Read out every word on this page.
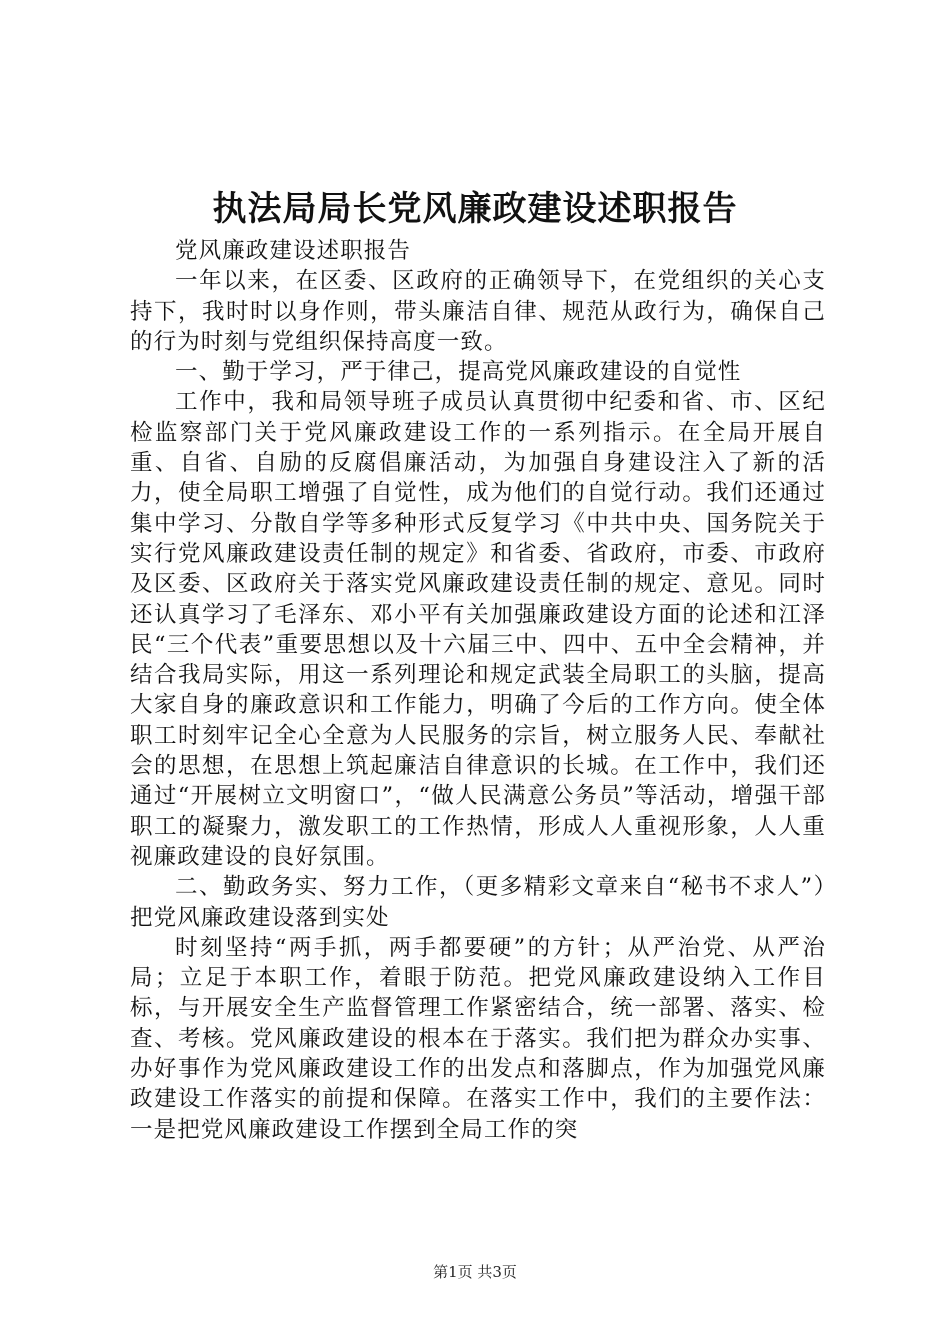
执法局局长党风廉政建设述职报告

党风廉政建设述职报告

一年以来，在区委、区政府的正确领导下，在党组织的关心支持下，我时时以身作则，带头廉洁自律、规范从政行为，确保自己的行为时刻与党组织保持高度一致。

一、勤于学习，严于律己，提高党风廉政建设的自觉性

工作中，我和局领导班子成员认真贯彻中纪委和省、市、区纪检监察部门关于党风廉政建设工作的一系列指示。在全局开展自重、自省、自励的反腐倡廉活动，为加强自身建设注入了新的活力，使全局职工增强了自觉性，成为他们的自觉行动。我们还通过集中学习、分散自学等多种形式反复学习《中共中央、国务院关于实行党风廉政建设责任制的规定》和省委、省政府，市委、市政府及区委、区政府关于落实党风廉政建设责任制的规定、意见。同时还认真学习了毛泽东、邓小平有关加强廉政建设方面的论述和江泽民“三个代表”重要思想以及十六届三中、四中、五中全会精神，并结合我局实际，用这一系列理论和规定武装全局职工的头脑，提高大家自身的廉政意识和工作能力，明确了今后的工作方向。使全体职工时刻牢记全心全意为人民服务的宗旨，树立服务人民、奉献社会的思想，在思想上筑起廉洁自律意识的长城。在工作中，我们还通过“开展树立文明窗口”，“做人民满意公务员”等活动，增强干部职工的凝聚力，激发职工的工作热情，形成人人重视形象，人人重视廉政建设的良好氛围。

二、勤政务实、努力工作，（更多精彩文章来自“秘书不求人”）把党风廉政建设落到实处

时刻坚持“两手抓，两手都要硬”的方针；从严治党、从严治局；立足于本职工作，着眼于防范。把党风廉政建设纳入工作目标，与开展安全生产监督管理工作紧密结合，统一部署、落实、检查、考核。党风廉政建设的根本在于落实。我们把为群众办实事、办好事作为党风廉政建设工作的出发点和落脚点，作为加强党风廉政建设工作落实的前提和保障。在落实工作中，我们的主要作法：一是把党风廉政建设工作摆到全局工作的突

第1页 共3页
